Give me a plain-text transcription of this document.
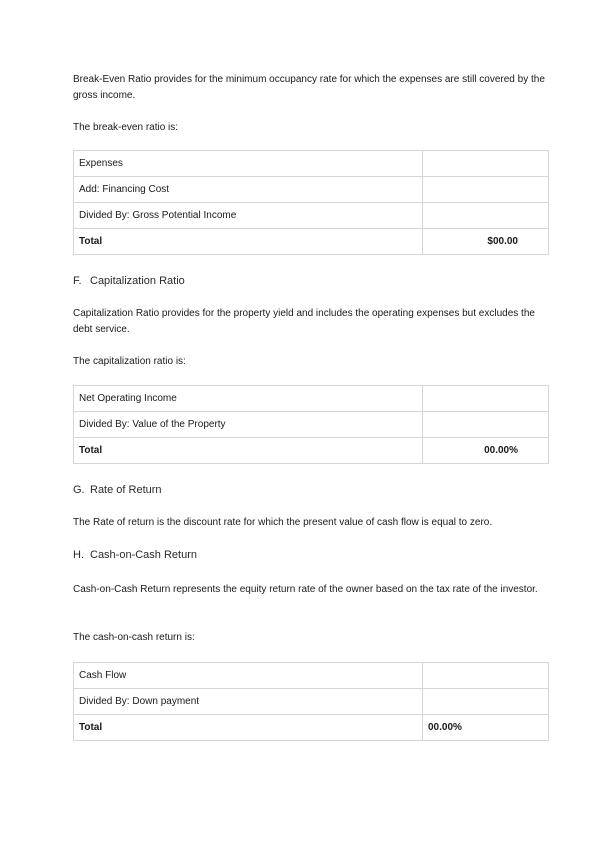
Break-Even Ratio provides for the minimum occupancy rate for which the expenses are still covered by the gross income.

The break-even ratio is:

Expenses	
Add: Financing Cost	
Divided By: Gross Potential Income	
Total	$00.00
F. Capitalization Ratio

Capitalization Ratio provides for the property yield and includes the operating expenses but excludes the debt service.

The capitalization ratio is:

Net Operating Income	
Divided By: Value of the Property	
Total	00.00%
G. Rate of Return

The Rate of return is the discount rate for which the present value of cash flow is equal to zero.

H. Cash-on-Cash Return

Cash-on-Cash Return represents the equity return rate of the owner based on the tax rate of the investor.

The cash-on-cash return is:

Cash Flow	
Divided By: Down payment	
Total	00.00%
